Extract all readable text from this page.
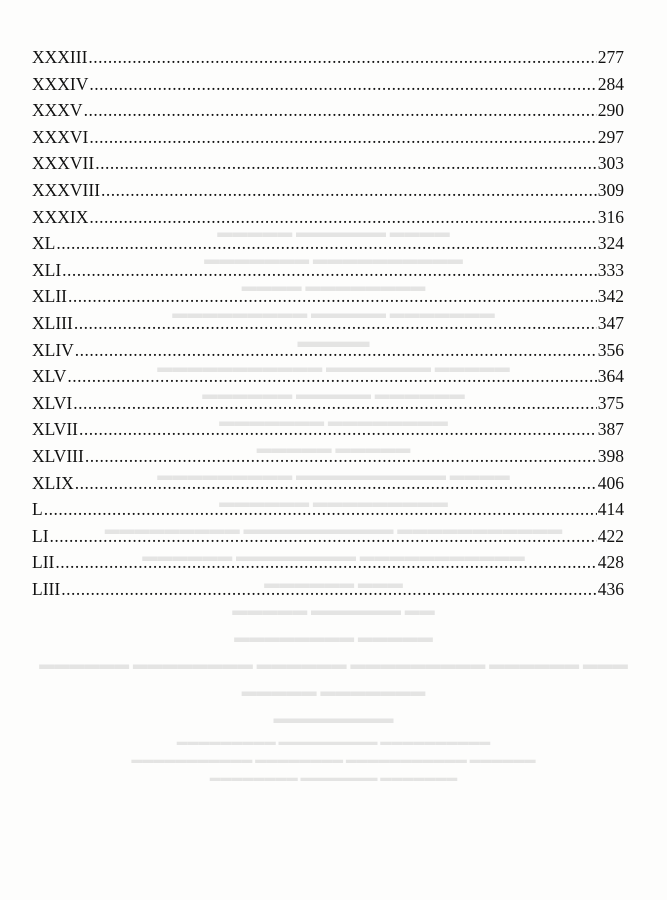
▬▬▬▬▬ ▬▬▬▬▬▬ ▬▬▬▬
▬▬▬▬▬▬▬ ▬▬▬▬▬▬▬▬▬▬
▬▬▬▬ ▬▬▬▬▬▬▬▬
▬▬▬▬▬▬▬▬▬ ▬▬▬▬▬ ▬▬▬▬▬▬▬
▬▬▬▬
▬▬▬▬▬▬▬▬▬▬▬ ▬▬▬▬▬▬▬ ▬▬▬▬▬
▬▬▬▬▬▬ ▬▬▬▬▬ ▬▬▬▬▬▬
▬▬▬▬▬▬▬ ▬▬▬▬▬▬▬▬
▬▬▬▬▬ ▬▬▬▬▬
▬▬▬▬▬▬▬▬▬ ▬▬▬▬▬▬▬▬▬▬ ▬▬▬▬
▬▬▬▬▬▬ ▬▬▬▬▬▬▬▬▬
▬▬▬▬▬▬▬▬▬ ▬▬▬▬▬▬▬▬▬▬ ▬▬▬▬▬▬▬▬▬▬▬
▬▬▬▬▬▬ ▬▬▬▬▬▬▬▬ ▬▬▬▬▬▬▬▬▬▬▬
▬▬▬▬▬▬ ▬▬▬
▬▬▬▬▬ ▬▬▬▬▬▬ ▬▬
▬▬▬▬▬▬▬▬ ▬▬▬▬▬
▬▬▬▬▬▬ ▬▬▬▬▬▬▬▬ ▬▬▬▬▬▬ ▬▬▬▬▬▬▬▬▬ ▬▬▬▬▬▬ ▬▬▬
▬▬▬▬▬ ▬▬▬▬▬▬▬
▬▬▬▬▬▬▬▬
▬▬▬▬▬▬▬▬▬ ▬▬▬▬▬▬▬▬▬ ▬▬▬▬▬▬▬▬▬▬
▬▬▬▬▬▬▬▬▬▬▬ ▬▬▬▬▬▬▬▬ ▬▬▬▬▬▬▬▬▬▬▬ ▬▬▬▬▬▬
▬▬▬▬▬▬▬▬ ▬▬▬▬▬▬▬ ▬▬▬▬▬▬▬
XXXIII .....	277
XXXIV .....	284
XXXV .....	290
XXXVI .....	297
XXXVII .....	303
XXXVIII .....	309
XXXIX .....	316
XL .....	324
XLI .....	333
XLII .....	342
XLIII .....	347
XLIV .....	356
XLV .....	364
XLVI .....	375
XLVII .....	387
XLVIII .....	398
XLIX .....	406
L .....	414
LI .....	422
LII .....	428
LIII .....	436
